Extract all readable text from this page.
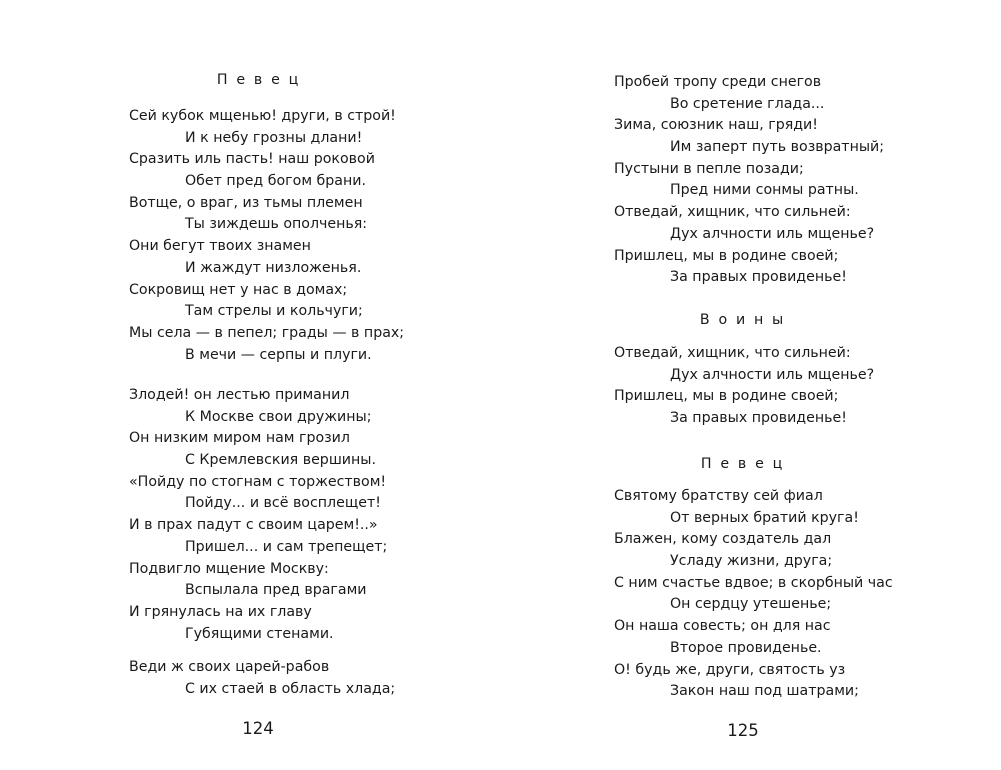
Певец
Сей кубок мщенью! други, в строй!
И к небу грозны длани!
Сразить иль пасть! наш роковой
Обет пред богом брани.
Вотще, о враг, из тьмы племен
Ты зиждешь ополченья:
Они бегут твоих знамен
И жаждут низложенья.
Сокровищ нет у нас в домах;
Там стрелы и кольчуги;
Мы села — в пепел; грады — в прах;
В мечи — серпы и плуги.
Злодей! он лестью приманил
К Москве свои дружины;
Он низким миром нам грозил
С Кремлевския вершины.
«Пойду по стогнам с торжеством!
Пойду... и всё восплещет!
И в прах падут с своим царем!..»
Пришел... и сам трепещет;
Подвигло мщение Москву:
Вспылала пред врагами
И грянулась на их главу
Губящими стенами.
Веди ж своих царей-рабов
С их стаей в область хлада;
124
Пробей тропу среди снегов
Во сретение глада...
Зима, союзник наш, гряди!
Им заперт путь возвратный;
Пустыни в пепле позади;
Пред ними сонмы ратны.
Отведай, хищник, что сильней:
Дух алчности иль мщенье?
Пришлец, мы в родине своей;
За правых провиденье!
Воины
Отведай, хищник, что сильней:
Дух алчности иль мщенье?
Пришлец, мы в родине своей;
За правых провиденье!
Певец
Святому братству сей фиал
От верных братий круга!
Блажен, кому создатель дал
Усладу жизни, друга;
С ним счастье вдвое; в скорбный час
Он сердцу утешенье;
Он наша совесть; он для нас
Второе провиденье.
О! будь же, други, святость уз
Закон наш под шатрами;
125
